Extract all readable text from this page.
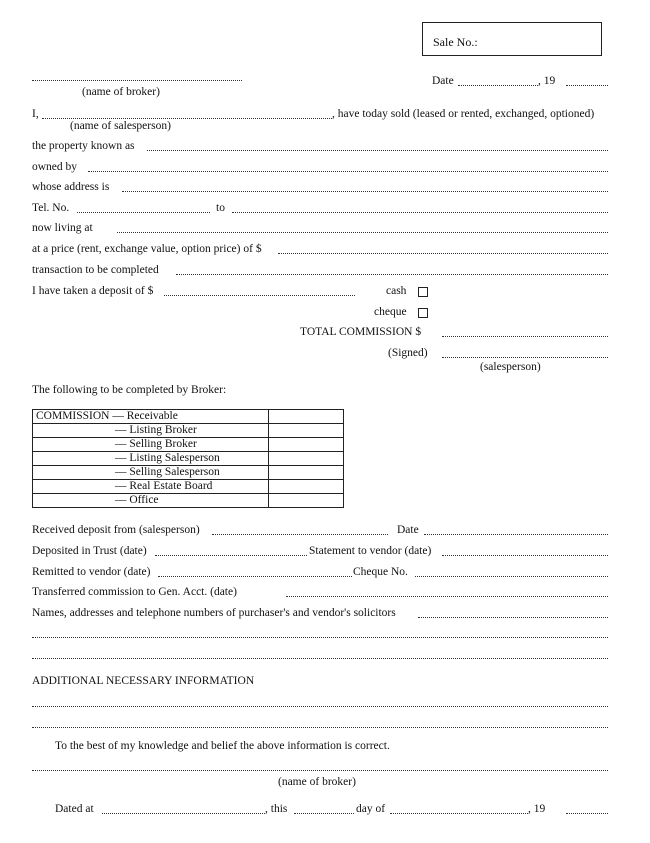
Sale No.:
(name of broker)
Date	, 19
I,	, have today sold (leased or rented, exchanged, optioned)
(name of salesperson)
the property known as
owned by
whose address is
Tel. No.	to
now living at
at a price (rent, exchange value, option price) of $
transaction to be completed
I have taken a deposit of $	cash
cheque
TOTAL COMMISSION $
(Signed)
(salesperson)
The following to be completed by Broker:
COMMISSION — Receivable	
— Listing Broker	
— Selling Broker	
— Listing Salesperson	
— Selling Salesperson	
— Real Estate Board	
— Office	
Received deposit from (salesperson)	Date
Deposited in Trust (date)	Statement to vendor (date)
Remitted to vendor (date)	Cheque No.
Transferred commission to Gen. Acct. (date)
Names, addresses and telephone numbers of purchaser's and vendor's solicitors
ADDITIONAL NECESSARY INFORMATION
To the best of my knowledge and belief the above information is correct.
(name of broker)
Dated at	, this	day of	, 19
